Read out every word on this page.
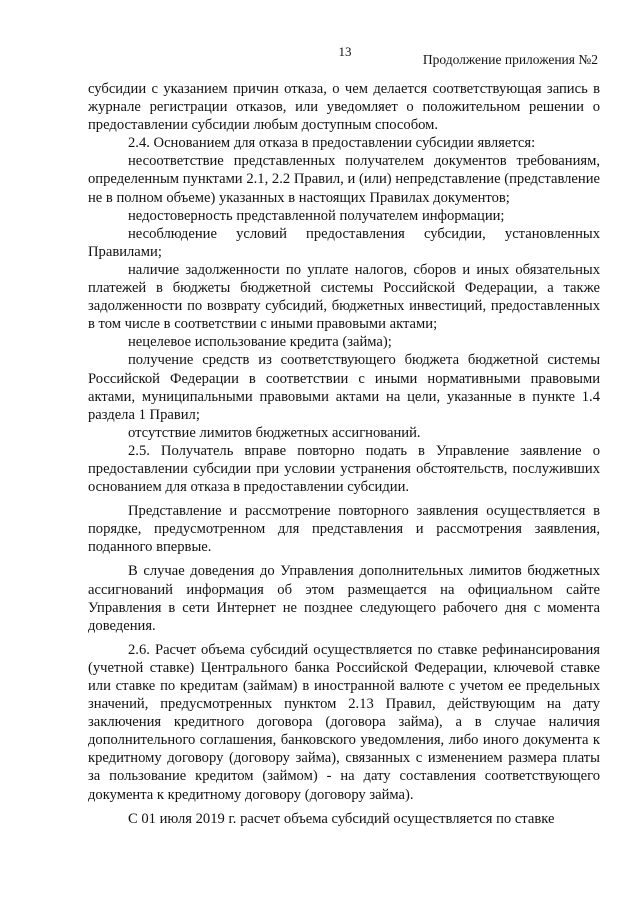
13
Продолжение приложения №2

субсидии с указанием причин отказа, о чем делается соответствующая запись в журнале регистрации отказов, или уведомляет о положительном решении о предоставлении субсидии любым доступным способом.

2.4. Основанием для отказа в предоставлении субсидии является:

несоответствие представленных получателем документов требованиям, определенным пунктами 2.1, 2.2 Правил, и (или) непредставление (представление не в полном объеме) указанных в настоящих Правилах документов;

недостоверность представленной получателем информации;

несоблюдение условий предоставления субсидии, установленных Правилами;

наличие задолженности по уплате налогов, сборов и иных обязательных платежей в бюджеты бюджетной системы Российской Федерации, а также задолженности по возврату субсидий, бюджетных инвестиций, предоставленных в том числе в соответствии с иными правовыми актами;

нецелевое использование кредита (займа);

получение средств из соответствующего бюджета бюджетной системы Российской Федерации в соответствии с иными нормативными правовыми актами, муниципальными правовыми актами на цели, указанные в пункте 1.4 раздела 1 Правил;

отсутствие лимитов бюджетных ассигнований.

2.5. Получатель вправе повторно подать в Управление заявление о предоставлении субсидии при условии устранения обстоятельств, послуживших основанием для отказа в предоставлении субсидии.

Представление и рассмотрение повторного заявления осуществляется в порядке, предусмотренном для представления и рассмотрения заявления, поданного впервые.

В случае доведения до Управления дополнительных лимитов бюджетных ассигнований информация об этом размещается на официальном сайте Управления в сети Интернет не позднее следующего рабочего дня с момента доведения.

2.6. Расчет объема субсидий осуществляется по ставке рефинансирования (учетной ставке) Центрального банка Российской Федерации, ключевой ставке или ставке по кредитам (займам) в иностранной валюте с учетом ее предельных значений, предусмотренных пунктом 2.13 Правил, действующим на дату заключения кредитного договора (договора займа), а в случае наличия дополнительного соглашения, банковского уведомления, либо иного документа к кредитному договору (договору займа), связанных с изменением размера платы за пользование кредитом (займом) - на дату составления соответствующего документа к кредитному договору (договору займа).

С 01 июля 2019 г. расчет объема субсидий осуществляется по ставке
